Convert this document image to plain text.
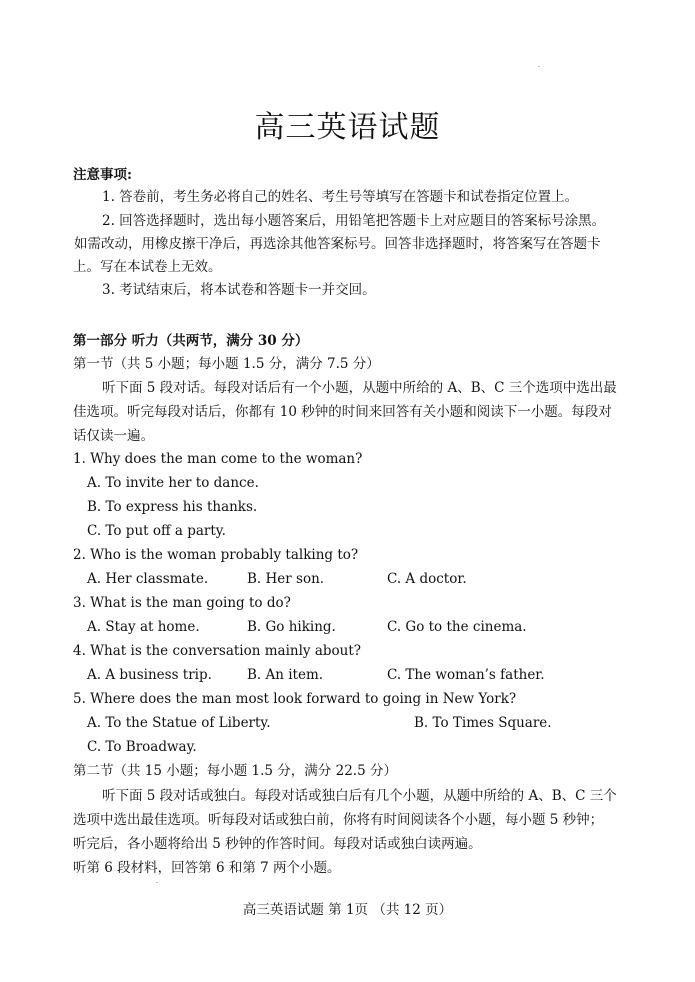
.
高三英语试题
注意事项:
1. 答卷前，考生务必将自己的姓名、考生号等填写在答题卡和试卷指定位置上。
2. 回答选择题时，选出每小题答案后，用铅笔把答题卡上对应题目的答案标号涂黑。
如需改动，用橡皮擦干净后，再选涂其他答案标号。回答非选择题时，将答案写在答题卡
上。写在本试卷上无效。
3. 考试结束后，将本试卷和答题卡一并交回。
第一部分 听力（共两节，满分 30 分）
第一节（共 5 小题；每小题 1.5 分，满分 7.5 分）
听下面 5 段对话。每段对话后有一个小题，从题中所给的 A、B、C 三个选项中选出最
佳选项。听完每段对话后，你都有 10 秒钟的时间来回答有关小题和阅读下一小题。每段对
话仅读一遍。
1. Why does the man come to the woman?
A. To invite her to dance.
B. To express his thanks.
C. To put off a party.
2. Who is the woman probably talking to?
A. Her classmate.	B. Her son.	C. A doctor.
3. What is the man going to do?
A. Stay at home.	B. Go hiking.	C. Go to the cinema.
4. What is the conversation mainly about?
A. A business trip.	B. An item.	C. The woman’s father.
5. Where does the man most look forward to going in New York?
A. To the Statue of Liberty.	B. To Times Square.
C. To Broadway.
第二节（共 15 小题；每小题 1.5 分，满分 22.5 分）
听下面 5 段对话或独白。每段对话或独白后有几个小题，从题中所给的 A、B、C 三个
选项中选出最佳选项。听每段对话或独白前，你将有时间阅读各个小题，每小题 5 秒钟；
听完后，各小题将给出 5 秒钟的作答时间。每段对话或独白读两遍。
听第 6 段材料，回答第 6 和第 7 两个小题。
.
高三英语试题 第 1页 （共 12 页）
